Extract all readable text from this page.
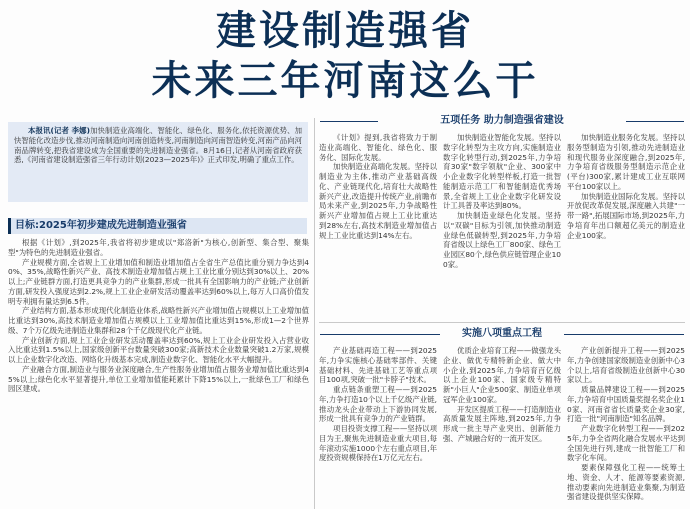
建设制造强省
未来三年河南这么干

本报讯(记者 李娜)加快制造业高端化、智能化、绿色化、服务化,依托资源优势、加快智能化改造步伐,推动河南制造向河南创造转变,河南制造向河南智造转变,河南产品向河南品牌转变,把我省建设成为全国重要的先进制造业强省。8月16日,记者从河南省政府获悉,《河南省建设制造强省三年行动计划(2023—2025年)》正式印发,明确了重点工作。

目标:2025年初步建成先进制造业强省

根据《计划》,到2025年,我省将初步建成以"郑洛新"为核心,创新型、集合型、聚集型"为特色的先进制造业强省。

产业规模方面,全省规上工业增加值和制造业增加值占全省生产总值比重分别力争达到40%、35%,战略性新兴产业、高技术制造业增加值占规上工业比重分别达到30%以上、20%以上;产业链群方面,打造更具竞争力的产业集群,形成一批具有全国影响力的产业链;产业创新方面,研发投入强度达到2.2%,规上工业企业研发活动覆盖率达到60%以上,每万人口高价值发明专利拥有量达到6.5件。

产业结构方面,基本形成现代化制造业体系,战略性新兴产业增加值占规模以上工业增加值比重达到30%,高技术制造业增加值占规模以上工业增加值比重达到15%,形成1—2个世界级、7个万亿级先进制造业集群和28个千亿级现代化产业链。

产业创新方面,规上工业企业研发活动覆盖率达到60%,规上工业企业研发投入占营业收入比重达到1.5%以上,国家级创新平台数量突破300家;高新技术企业数量突破1.2万家,规模以上企业数字化改造、网络化升级基本完成,制造业数字化、智能化水平大幅提升。

产业融合方面,制造业与服务业深度融合,生产性服务业增加值占服务业增加值比重达到45%以上;绿色化水平显著提升,单位工业增加值能耗累计下降15%以上,一批绿色工厂和绿色园区建成。

五项任务 助力制造强省建设

《计划》提到,我省将致力于制造业高端化、智能化、绿色化、服务化、国际化发展。

加快制造业高端化发展。坚持以制造业为主体,推动产业基础高级化、产业链现代化,培育壮大战略性新兴产业,改造提升传统产业,前瞻布局未来产业,到2025年,力争战略性新兴产业增加值占规上工业比重达到28%左右,高技术制造业增加值占规上工业比重达到14%左右。

加快制造业智能化发展。坚持以数字化转型为主攻方向,实施制造业数字化转型行动,到2025年,力争培育30家"数字领航"企业、300家中小企业数字化转型样板,打造一批智能制造示范工厂和智能制造优秀场景,全省规上工业企业数字化研发设计工具普及率达到80%。

加快制造业绿色化发展。坚持以"双碳"目标为引领,加快推动制造业绿色低碳转型,到2025年,力争培育省级以上绿色工厂800家、绿色工业园区80个,绿色供应链管理企业100家。

加快制造业服务化发展。坚持以服务型制造为引领,推动先进制造业和现代服务业深度融合,到2025年,力争培育省级服务型制造示范企业(平台)300家,累计建成工业互联网平台100家以上。

加快制造业国际化发展。坚持以开放促改革促发展,深度融入共建"一带一路",拓展国际市场,到2025年,力争培育年出口额超亿美元的制造业企业100家。

实施八项重点工程

产业基础再造工程——到2025年,力争实施核心基础零部件、关键基础材料、先进基础工艺等重点项目100项,突破一批"卡脖子"技术。

重点链条重塑工程——到2025年,力争打造10个以上千亿级产业链,推动龙头企业带动上下游协同发展,形成一批具有竞争力的产业链群。

项目投资支撑工程——坚持以项目为王,聚焦先进制造业重大项目,每年滚动实施1000个左右重点项目,年度投资规模保持在1万亿元左右。

优质企业培育工程——做强龙头企业、做优专精特新企业、做大中小企业,到2025年,力争培育百亿级以上企业100家、国家级专精特新"小巨人"企业500家、制造业单项冠军企业100家。

开发区提质工程——打造制造业高质量发展主阵地,到2025年,力争形成一批主导产业突出、创新能力强、产城融合好的一流开发区。

产业创新提升工程——到2025年,力争创建国家级制造业创新中心3个以上,培育省级制造业创新中心30家以上。

质量品牌建设工程——到2025年,力争培育中国质量奖提名奖企业10家、河南省省长质量奖企业30家,打造一批"河南制造"知名品牌。

产业数字化转型工程——到2025年,力争全省两化融合发展水平达到全国先进行列,建成一批智能工厂和数字化车间。

要素保障强化工程——统筹土地、资金、人才、能源等要素资源,推动要素向先进制造业集聚,为制造强省建设提供坚实保障。
